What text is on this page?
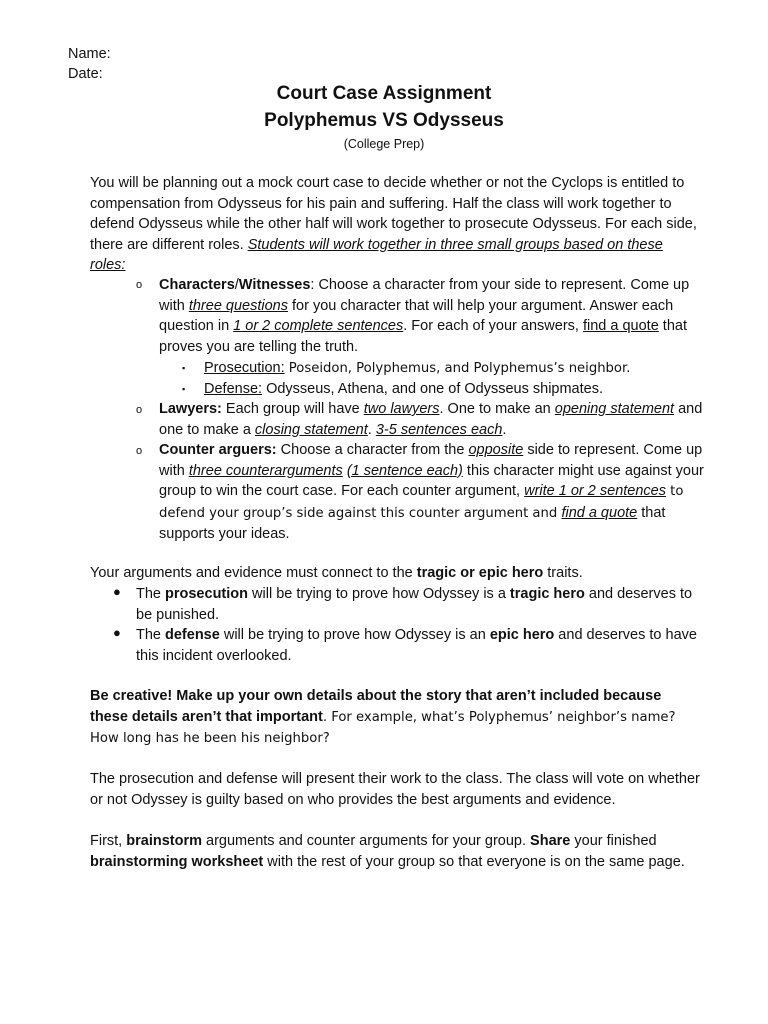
Name:
Date:
Court Case Assignment
Polyphemus VS Odysseus
(College Prep)
You will be planning out a mock court case to decide whether or not the Cyclops is entitled to compensation from Odysseus for his pain and suffering. Half the class will work together to defend Odysseus while the other half will work together to prosecute Odysseus. For each side, there are different roles. Students will work together in three small groups based on these roles:
o Characters/Witnesses: Choose a character from your side to represent. Come up with three questions for you character that will help your argument. Answer each question in 1 or 2 complete sentences. For each of your answers, find a quote that proves you are telling the truth.
▪ Prosecution: Poseidon, Polyphemus, and Polyphemus’s neighbor.
▪ Defense: Odysseus, Athena, and one of Odysseus shipmates.
o Lawyers: Each group will have two lawyers. One to make an opening statement and one to make a closing statement. 3-5 sentences each.
o Counter arguers: Choose a character from the opposite side to represent. Come up with three counterarguments (1 sentence each) this character might use against your group to win the court case. For each counter argument, write 1 or 2 sentences to defend your group’s side against this counter argument and find a quote that supports your ideas.
Your arguments and evidence must connect to the tragic or epic hero traits.
● The prosecution will be trying to prove how Odyssey is a tragic hero and deserves to be punished.
● The defense will be trying to prove how Odyssey is an epic hero and deserves to have this incident overlooked.
Be creative! Make up your own details about the story that aren’t included because these details aren’t that important. For example, what’s Polyphemus’ neighbor’s name? How long has he been his neighbor?
The prosecution and defense will present their work to the class. The class will vote on whether or not Odyssey is guilty based on who provides the best arguments and evidence.
First, brainstorm arguments and counter arguments for your group. Share your finished brainstorming worksheet with the rest of your group so that everyone is on the same page.
